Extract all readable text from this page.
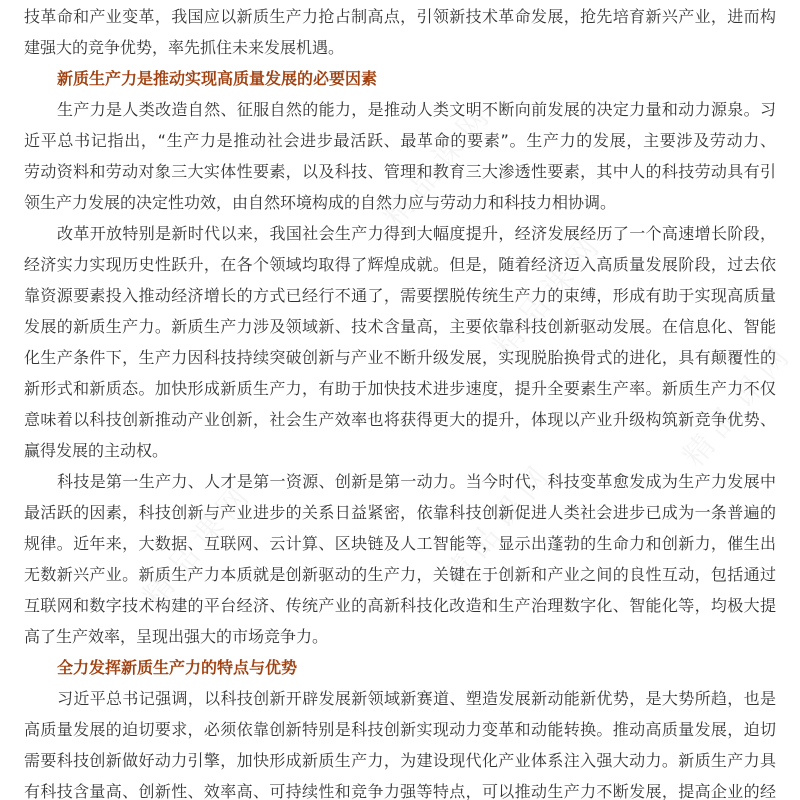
技革命和产业变革，我国应以新质生产力抢占制高点，引领新技术革命发展，抢先培育新兴产业，进而构
建强大的竞争优势，率先抓住未来发展机遇。
新质生产力是推动实现高质量发展的必要因素
生产力是人类改造自然、征服自然的能力，是推动人类文明不断向前发展的决定力量和动力源泉。习
近平总书记指出，“生产力是推动社会进步最活跃、最革命的要素”。生产力的发展，主要涉及劳动力、
劳动资料和劳动对象三大实体性要素，以及科技、管理和教育三大渗透性要素，其中人的科技劳动具有引
领生产力发展的决定性功效，由自然环境构成的自然力应与劳动力和科技力相协调。
改革开放特别是新时代以来，我国社会生产力得到大幅度提升，经济发展经历了一个高速增长阶段，
经济实力实现历史性跃升，在各个领域均取得了辉煌成就。但是，随着经济迈入高质量发展阶段，过去依
靠资源要素投入推动经济增长的方式已经行不通了，需要摆脱传统生产力的束缚，形成有助于实现高质量
发展的新质生产力。新质生产力涉及领域新、技术含量高，主要依靠科技创新驱动发展。在信息化、智能
化生产条件下，生产力因科技持续突破创新与产业不断升级发展，实现脱胎换骨式的进化，具有颠覆性的
新形式和新质态。加快形成新质生产力，有助于加快技术进步速度，提升全要素生产率。新质生产力不仅
意味着以科技创新推动产业创新，社会生产效率也将获得更大的提升，体现以产业升级构筑新竞争优势、
赢得发展的主动权。
科技是第一生产力、人才是第一资源、创新是第一动力。当今时代，科技变革愈发成为生产力发展中
最活跃的因素，科技创新与产业进步的关系日益紧密，依靠科技创新促进人类社会进步已成为一条普遍的
规律。近年来，大数据、互联网、云计算、区块链及人工智能等，显示出蓬勃的生命力和创新力，催生出
无数新兴产业。新质生产力本质就是创新驱动的生产力，关键在于创新和产业之间的良性互动，包括通过
互联网和数字技术构建的平台经济、传统产业的高新科技化改造和生产治理数字化、智能化等，均极大提
高了生产效率，呈现出强大的市场竞争力。
全力发挥新质生产力的特点与优势
习近平总书记强调，以科技创新开辟发展新领域新赛道、塑造发展新动能新优势，是大势所趋，也是
高质量发展的迫切要求，必须依靠创新特别是科技创新实现动力变革和动能转换。推动高质量发展，迫切
需要科技创新做好动力引擎，加快形成新质生产力，为建设现代化产业体系注入强大动力。新质生产力具
有科技含量高、创新性、效率高、可持续性和竞争力强等特点，可以推动生产力不断发展，提高企业的经
